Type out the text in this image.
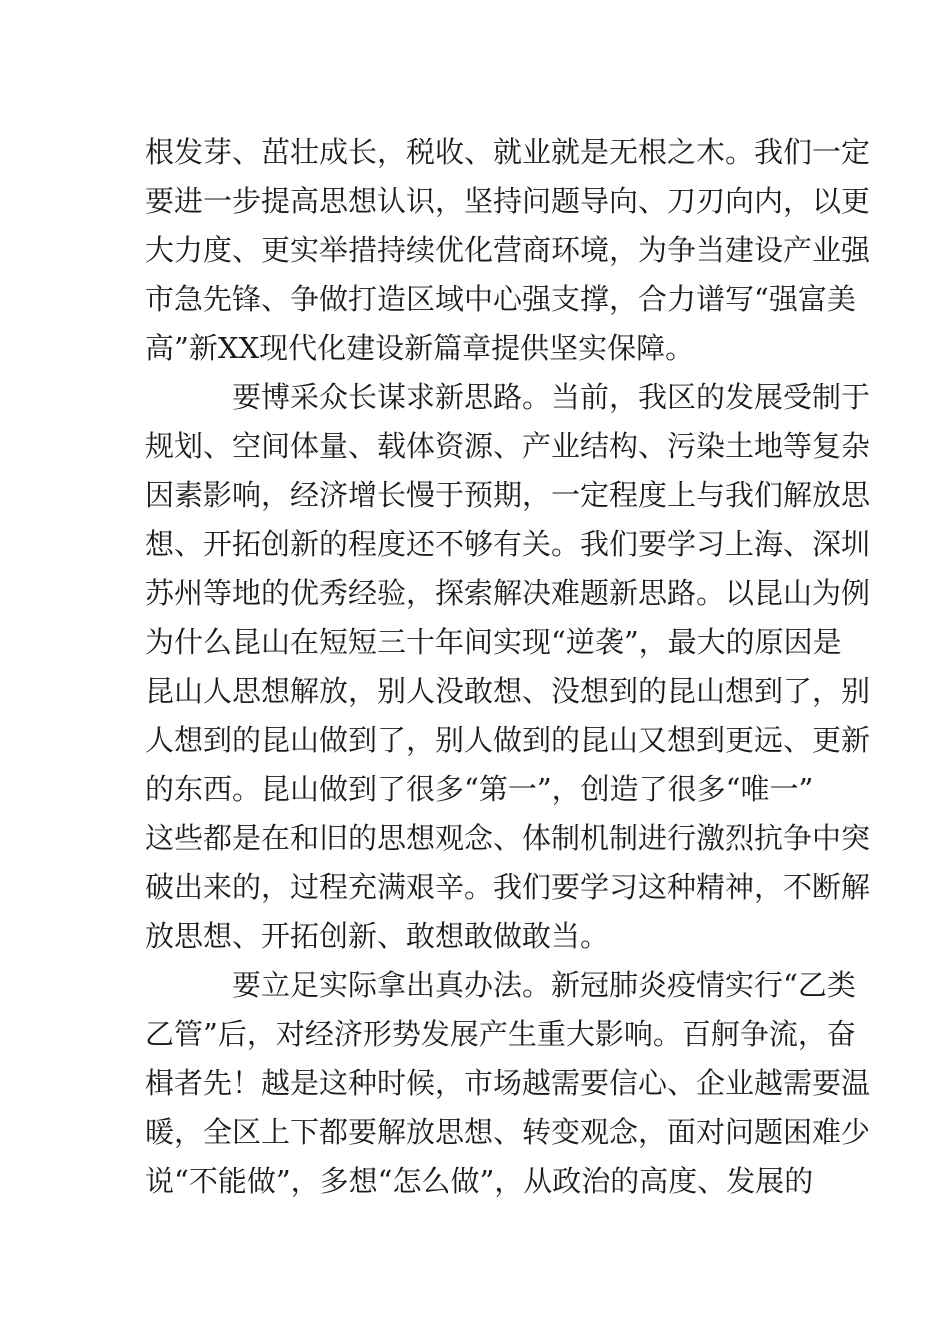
根发芽、茁壮成长，税收、就业就是无根之木。我们一定
要进一步提高思想认识，坚持问题导向、刀刃向内，以更
大力度、更实举措持续优化营商环境，为争当建设产业强
市急先锋、争做打造区域中心强支撑，合力谱写“强富美
高”新XX现代化建设新篇章提供坚实保障。
要博采众长谋求新思路。当前，我区的发展受制于
规划、空间体量、载体资源、产业结构、污染土地等复杂
因素影响，经济增长慢于预期，一定程度上与我们解放思
想、开拓创新的程度还不够有关。我们要学习上海、深圳
苏州等地的优秀经验，探索解决难题新思路。以昆山为例
为什么昆山在短短三十年间实现“逆袭”，最大的原因是
昆山人思想解放，别人没敢想、没想到的昆山想到了，别
人想到的昆山做到了，别人做到的昆山又想到更远、更新
的东西。昆山做到了很多“第一”，创造了很多“唯一”
这些都是在和旧的思想观念、体制机制进行激烈抗争中突
破出来的，过程充满艰辛。我们要学习这种精神，不断解
放思想、开拓创新、敢想敢做敢当。
要立足实际拿出真办法。新冠肺炎疫情实行“乙类
乙管”后，对经济形势发展产生重大影响。百舸争流，奋
楫者先！越是这种时候，市场越需要信心、企业越需要温
暖，全区上下都要解放思想、转变观念，面对问题困难少
说“不能做”，多想“怎么做”，从政治的高度、发展的
